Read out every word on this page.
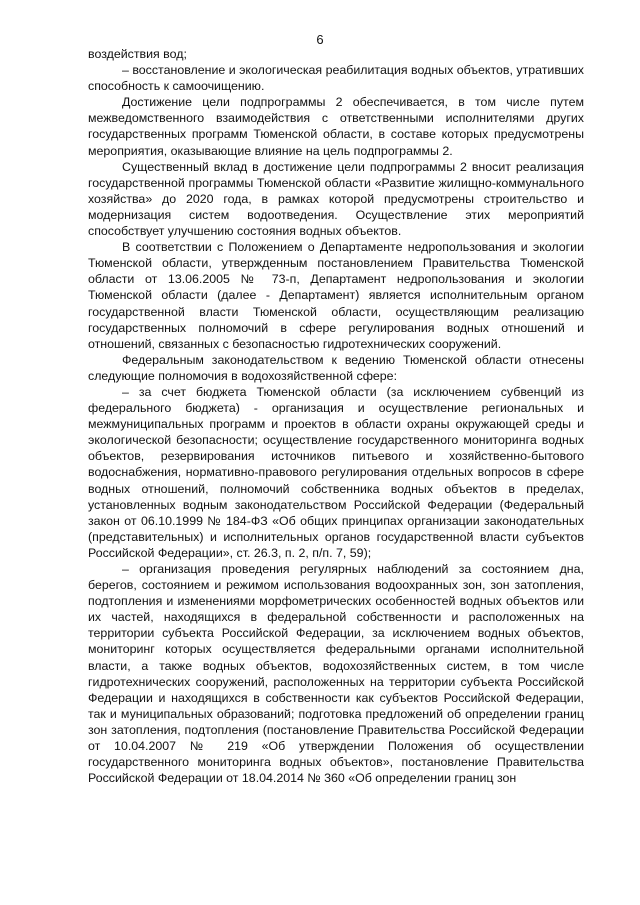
6

воздействия вод;

– восстановление и экологическая реабилитация водных объектов, утративших способность к самоочищению.

Достижение цели подпрограммы 2 обеспечивается, в том числе путем межведомственного взаимодействия с ответственными исполнителями других государственных программ Тюменской области, в составе которых предусмотрены мероприятия, оказывающие влияние на цель подпрограммы 2.

Существенный вклад в достижение цели подпрограммы 2 вносит реализация государственной программы Тюменской области «Развитие жилищно-коммунального хозяйства» до 2020 года, в рамках которой предусмотрены строительство и модернизация систем водоотведения. Осуществление этих мероприятий способствует улучшению состояния водных объектов.

В соответствии с Положением о Департаменте недропользования и экологии Тюменской области, утвержденным постановлением Правительства Тюменской области от 13.06.2005 № 73-п, Департамент недропользования и экологии Тюменской области (далее - Департамент) является исполнительным органом государственной власти Тюменской области, осуществляющим реализацию государственных полномочий в сфере регулирования водных отношений и отношений, связанных с безопасностью гидротехнических сооружений.

Федеральным законодательством к ведению Тюменской области отнесены следующие полномочия в водохозяйственной сфере:

– за счет бюджета Тюменской области (за исключением субвенций из федерального бюджета) - организация и осуществление региональных и межмуниципальных программ и проектов в области охраны окружающей среды и экологической безопасности; осуществление государственного мониторинга водных объектов, резервирования источников питьевого и хозяйственно-бытового водоснабжения, нормативно-правового регулирования отдельных вопросов в сфере водных отношений, полномочий собственника водных объектов в пределах, установленных водным законодательством Российской Федерации (Федеральный закон от 06.10.1999 № 184-ФЗ «Об общих принципах организации законодательных (представительных) и исполнительных органов государственной власти субъектов Российской Федерации», ст. 26.3, п. 2, п/п. 7, 59);

– организация проведения регулярных наблюдений за состоянием дна, берегов, состоянием и режимом использования водоохранных зон, зон затопления, подтопления и изменениями морфометрических особенностей водных объектов или их частей, находящихся в федеральной собственности и расположенных на территории субъекта Российской Федерации, за исключением водных объектов, мониторинг которых осуществляется федеральными органами исполнительной власти, а также водных объектов, водохозяйственных систем, в том числе гидротехнических сооружений, расположенных на территории субъекта Российской Федерации и находящихся в собственности как субъектов Российской Федерации, так и муниципальных образований; подготовка предложений об определении границ зон затопления, подтопления (постановление Правительства Российской Федерации от 10.04.2007 № 219 «Об утверждении Положения об осуществлении государственного мониторинга водных объектов», постановление Правительства Российской Федерации от 18.04.2014 № 360 «Об определении границ зон
